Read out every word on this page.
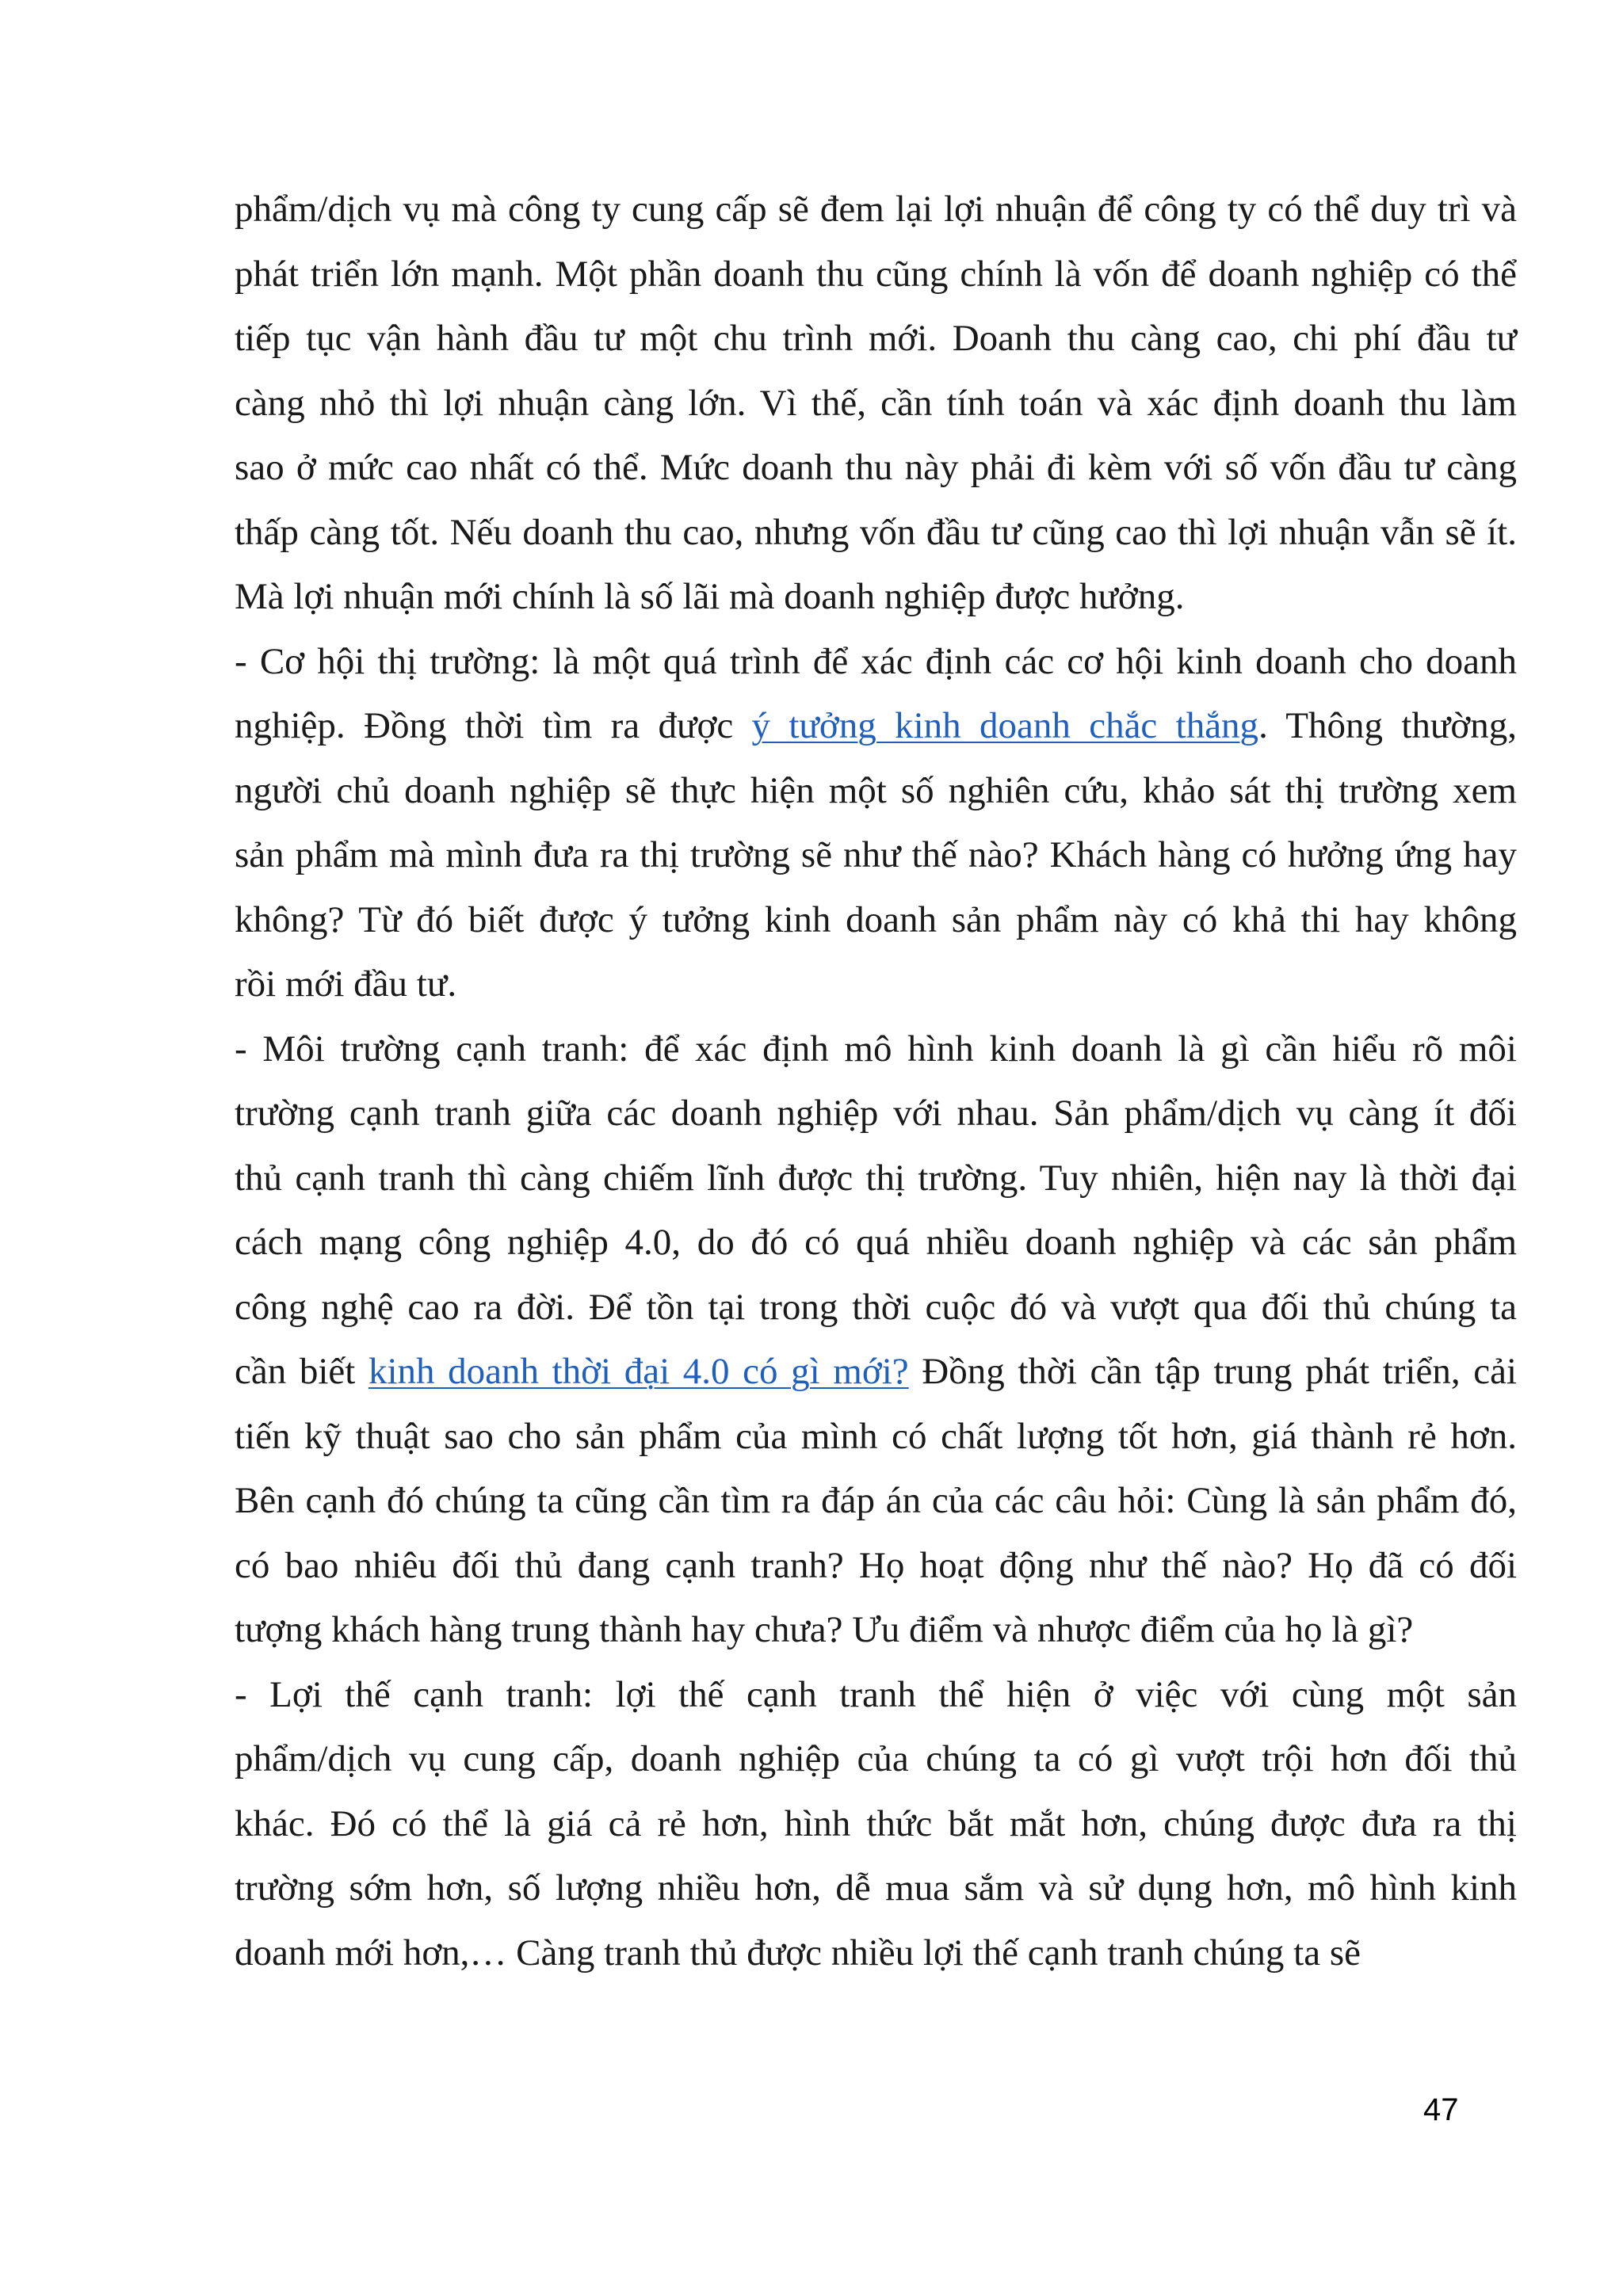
phẩm/dịch vụ mà công ty cung cấp sẽ đem lại lợi nhuận để công ty có thể duy trì và
phát triển lớn mạnh. Một phần doanh thu cũng chính là vốn để doanh nghiệp có thể
tiếp tục vận hành đầu tư một chu trình mới. Doanh thu càng cao, chi phí đầu tư
càng nhỏ thì lợi nhuận càng lớn. Vì thế, cần tính toán và xác định doanh thu làm
sao ở mức cao nhất có thể. Mức doanh thu này phải đi kèm với số vốn đầu tư càng
thấp càng tốt. Nếu doanh thu cao, nhưng vốn đầu tư cũng cao thì lợi nhuận vẫn sẽ ít.
Mà lợi nhuận mới chính là số lãi mà doanh nghiệp được hưởng.
- Cơ hội thị trường: là một quá trình để xác định các cơ hội kinh doanh cho doanh
nghiệp. Đồng thời tìm ra được ý tưởng kinh doanh chắc thắng. Thông thường,
người chủ doanh nghiệp sẽ thực hiện một số nghiên cứu, khảo sát thị trường xem
sản phẩm mà mình đưa ra thị trường sẽ như thế nào? Khách hàng có hưởng ứng hay
không? Từ đó biết được ý tưởng kinh doanh sản phẩm này có khả thi hay không
rồi mới đầu tư.
- Môi trường cạnh tranh: để xác định mô hình kinh doanh là gì cần hiểu rõ môi
trường cạnh tranh giữa các doanh nghiệp với nhau. Sản phẩm/dịch vụ càng ít đối
thủ cạnh tranh thì càng chiếm lĩnh được thị trường. Tuy nhiên, hiện nay là thời đại
cách mạng công nghiệp 4.0, do đó có quá nhiều doanh nghiệp và các sản phẩm
công nghệ cao ra đời. Để tồn tại trong thời cuộc đó và vượt qua đối thủ chúng ta
cần biết kinh doanh thời đại 4.0 có gì mới? Đồng thời cần tập trung phát triển, cải
tiến kỹ thuật sao cho sản phẩm của mình có chất lượng tốt hơn, giá thành rẻ hơn.
Bên cạnh đó chúng ta cũng cần tìm ra đáp án của các câu hỏi: Cùng là sản phẩm đó,
có bao nhiêu đối thủ đang cạnh tranh? Họ hoạt động như thế nào? Họ đã có đối
tượng khách hàng trung thành hay chưa? Ưu điểm và nhược điểm của họ là gì?
- Lợi thế cạnh tranh: lợi thế cạnh tranh thể hiện ở việc với cùng một sản
phẩm/dịch vụ cung cấp, doanh nghiệp của chúng ta có gì vượt trội hơn đối thủ
khác. Đó có thể là giá cả rẻ hơn, hình thức bắt mắt hơn, chúng được đưa ra thị
trường sớm hơn, số lượng nhiều hơn, dễ mua sắm và sử dụng hơn, mô hình kinh
doanh mới hơn,… Càng tranh thủ được nhiều lợi thế cạnh tranh chúng ta sẽ
47
